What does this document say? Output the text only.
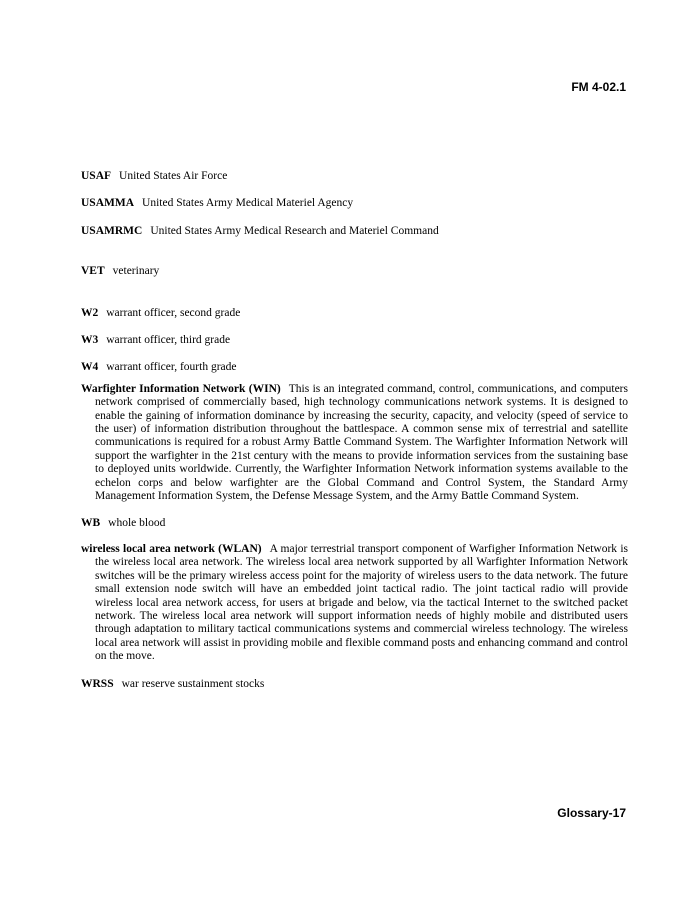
FM 4-02.1
USAF United States Air Force
USAMMA United States Army Medical Materiel Agency
USAMRMC United States Army Medical Research and Materiel Command
VET veterinary
W2 warrant officer, second grade
W3 warrant officer, third grade
W4 warrant officer, fourth grade
Warfighter Information Network (WIN) This is an integrated command, control, communications, and computers network comprised of commercially based, high technology communications network systems. It is designed to enable the gaining of information dominance by increasing the security, capacity, and velocity (speed of service to the user) of information distribution throughout the battlespace. A common sense mix of terrestrial and satellite communications is required for a robust Army Battle Command System. The Warfighter Information Network will support the warfighter in the 21st century with the means to provide information services from the sustaining base to deployed units worldwide. Currently, the Warfighter Information Network information systems available to the echelon corps and below warfighter are the Global Command and Control System, the Standard Army Management Information System, the Defense Message System, and the Army Battle Command System.
WB whole blood
wireless local area network (WLAN) A major terrestrial transport component of Warfigher Information Network is the wireless local area network. The wireless local area network supported by all Warfighter Information Network switches will be the primary wireless access point for the majority of wireless users to the data network. The future small extension node switch will have an embedded joint tactical radio. The joint tactical radio will provide wireless local area network access, for users at brigade and below, via the tactical Internet to the switched packet network. The wireless local area network will support information needs of highly mobile and distributed users through adaptation to military tactical communications systems and commercial wireless technology. The wireless local area network will assist in providing mobile and flexible command posts and enhancing command and control on the move.
WRSS war reserve sustainment stocks
Glossary-17
